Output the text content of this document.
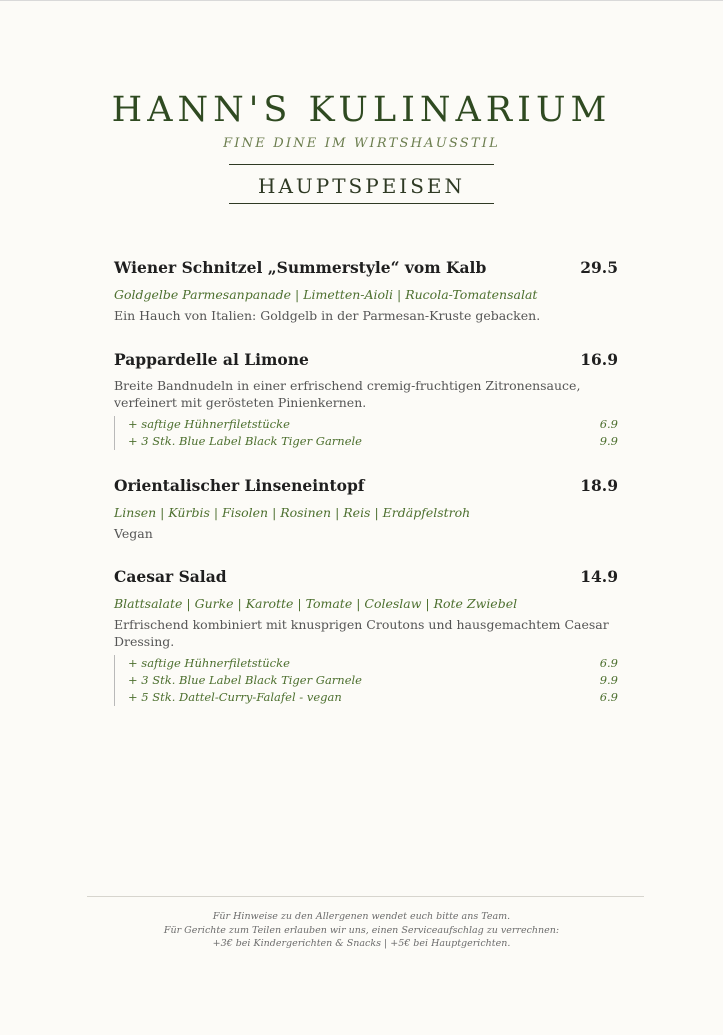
HANN'S KULINARIUM
FINE DINE IM WIRTSHAUSSTIL
HAUPTSPEISEN
Wiener Schnitzel „Summerstyle“ vom Kalb	29.5
Goldgelbe Parmesanpanade | Limetten-Aioli | Rucola-Tomatensalat
Ein Hauch von Italien: Goldgelb in der Parmesan-Kruste gebacken.
Pappardelle al Limone	16.9
Breite Bandnudeln in einer erfrischend cremig-fruchtigen Zitronensauce, verfeinert mit gerösteten Pinienkernen.
+ saftige Hühnerfiletstücke	6.9
+ 3 Stk. Blue Label Black Tiger Garnele	9.9
Orientalischer Linseneintopf	18.9
Linsen | Kürbis | Fisolen | Rosinen | Reis | Erdäpfelstroh
Vegan
Caesar Salad	14.9
Blattsalate | Gurke | Karotte | Tomate | Coleslaw | Rote Zwiebel
Erfrischend kombiniert mit knusprigen Croutons und hausgemachtem Caesar Dressing.
+ saftige Hühnerfiletstücke	6.9
+ 3 Stk. Blue Label Black Tiger Garnele	9.9
+ 5 Stk. Dattel-Curry-Falafel - vegan	6.9
Für Hinweise zu den Allergenen wendet euch bitte ans Team.
Für Gerichte zum Teilen erlauben wir uns, einen Serviceaufschlag zu verrechnen:
+3€ bei Kindergerichten & Snacks | +5€ bei Hauptgerichten.
